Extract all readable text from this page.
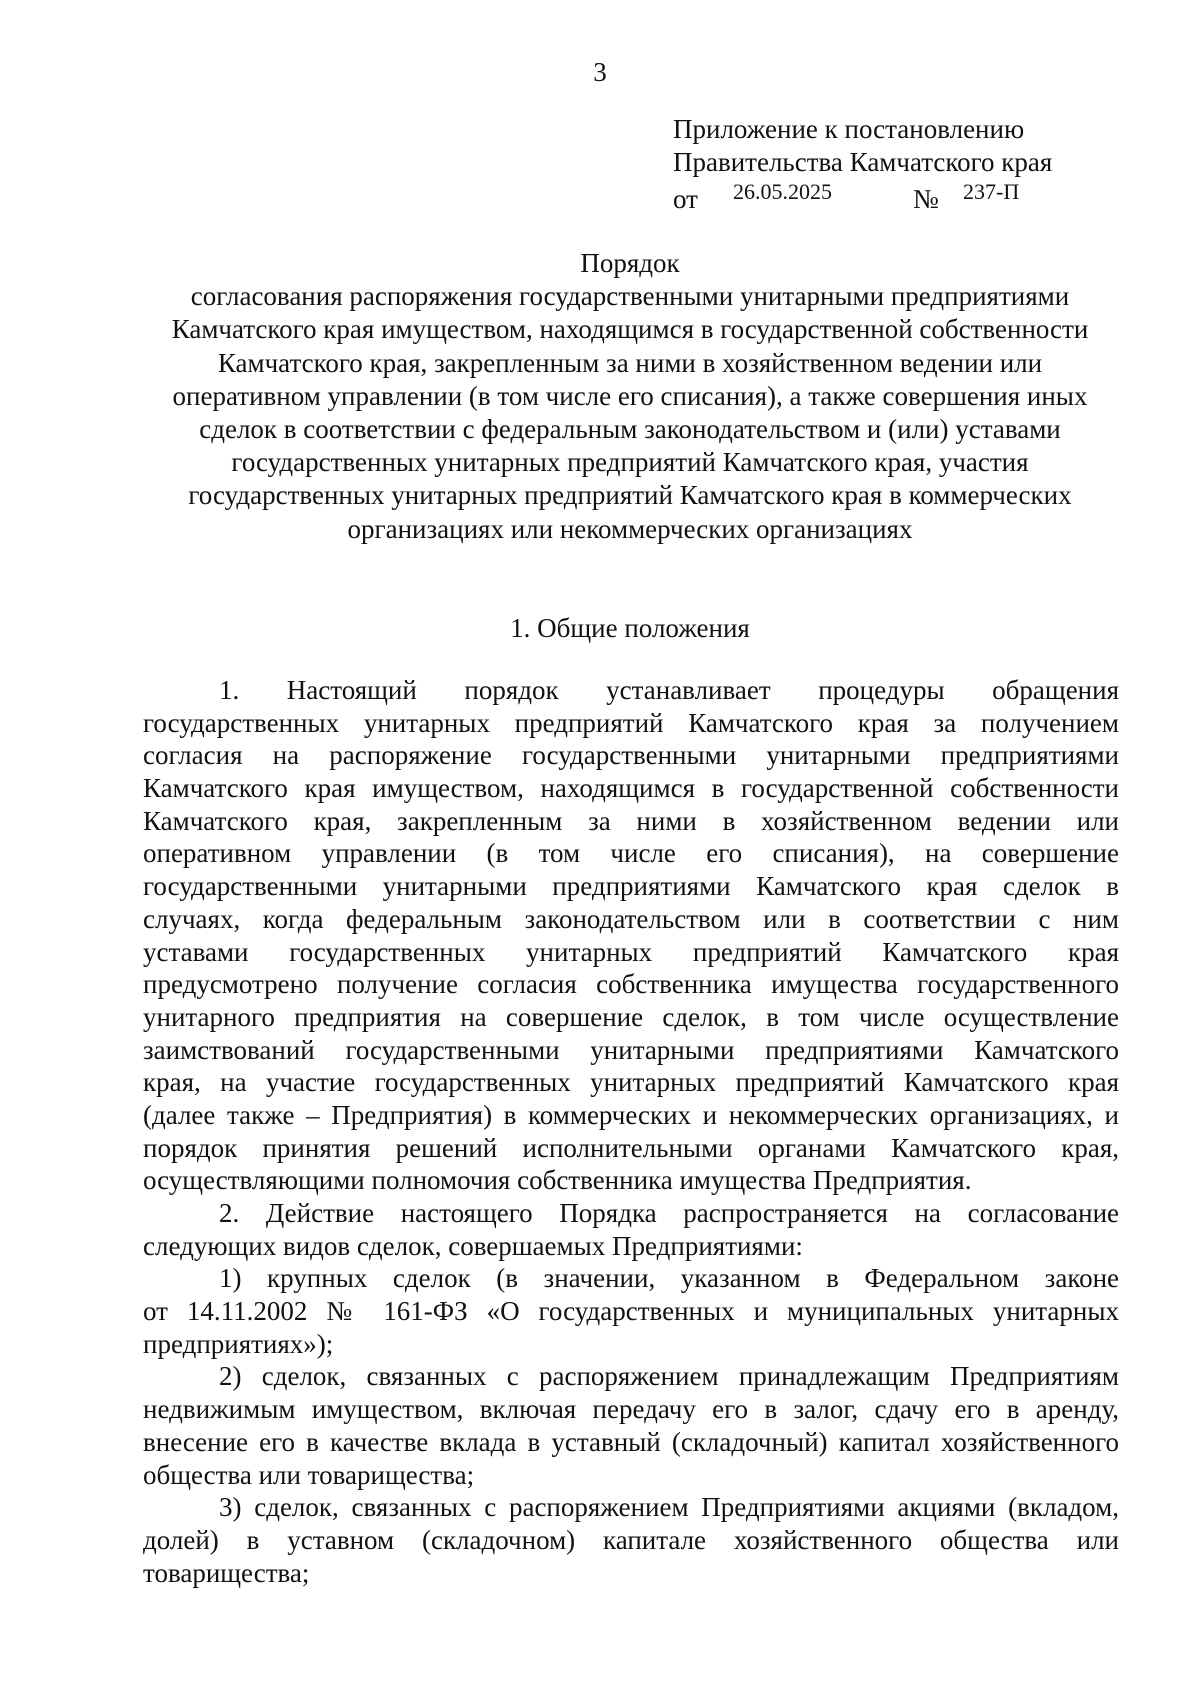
3
Приложение к постановлению
Правительства Камчатского края
от 26.05.2025	№ 237-П
Порядок
согласования распоряжения государственными унитарными предприятиями
Камчатского края имуществом, находящимся в государственной собственности
Камчатского края, закрепленным за ними в хозяйственном ведении или
оперативном управлении (в том числе его списания), а также совершения иных
сделок в соответствии с федеральным законодательством и (или) уставами
государственных унитарных предприятий Камчатского края, участия
государственных унитарных предприятий Камчатского края в коммерческих
организациях или некоммерческих организациях
1. Общие положения
1. Настоящий порядок устанавливает процедуры обращения
государственных унитарных предприятий Камчатского края за получением
согласия на распоряжение государственными унитарными предприятиями
Камчатского края имуществом, находящимся в государственной собственности
Камчатского края, закрепленным за ними в хозяйственном ведении или
оперативном управлении (в том числе его списания), на совершение
государственными унитарными предприятиями Камчатского края сделок в
случаях, когда федеральным законодательством или в соответствии с ним
уставами государственных унитарных предприятий Камчатского края
предусмотрено получение согласия собственника имущества государственного
унитарного предприятия на совершение сделок, в том числе осуществление
заимствований государственными унитарными предприятиями Камчатского
края, на участие государственных унитарных предприятий Камчатского края
(далее также – Предприятия) в коммерческих и некоммерческих организациях, и
порядок принятия решений исполнительными органами Камчатского края,
осуществляющими полномочия собственника имущества Предприятия.
2. Действие настоящего Порядка распространяется на согласование
следующих видов сделок, совершаемых Предприятиями:
1) крупных сделок (в значении, указанном в Федеральном законе
от 14.11.2002 № 161-ФЗ «О государственных и муниципальных унитарных
предприятиях»);
2) сделок, связанных с распоряжением принадлежащим Предприятиям
недвижимым имуществом, включая передачу его в залог, сдачу его в аренду,
внесение его в качестве вклада в уставный (складочный) капитал хозяйственного
общества или товарищества;
3) сделок, связанных с распоряжением Предприятиями акциями (вкладом,
долей) в уставном (складочном) капитале хозяйственного общества или
товарищества;
